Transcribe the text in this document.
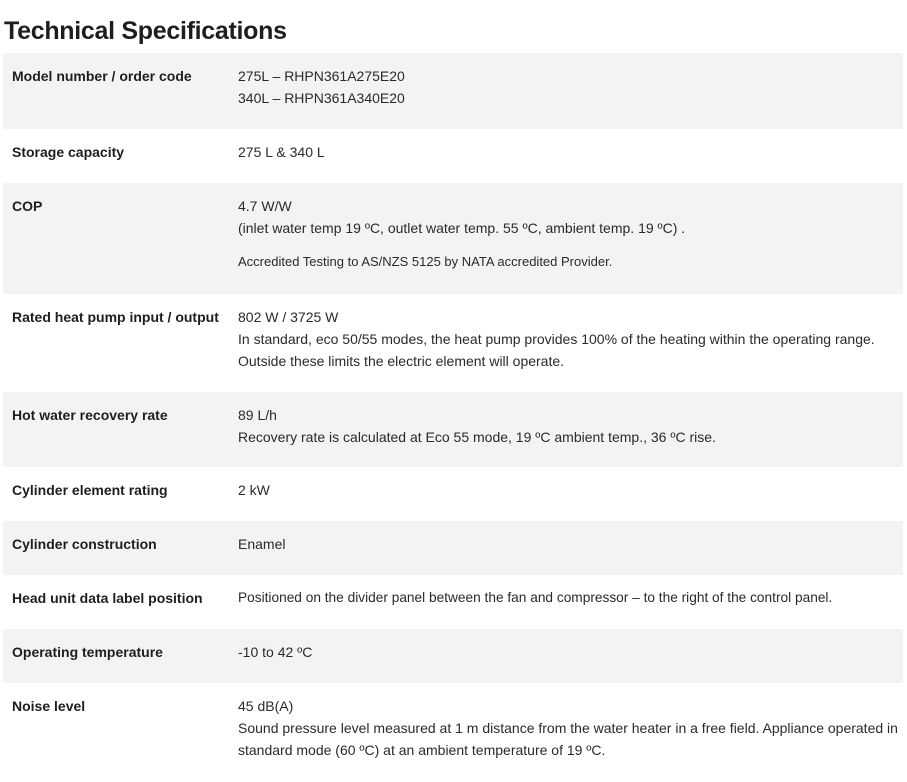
Technical Specifications
Model number / order code	275L – RHPN361A275E20
340L – RHPN361A340E20
Storage capacity	275 L & 340 L
COP	4.7 W/W
(inlet water temp 19 ºC, outlet water temp. 55 ºC, ambient temp. 19 ºC) .
Accredited Testing to AS/NZS 5125 by NATA accredited Provider.
Rated heat pump input / output	802 W / 3725 W
In standard, eco 50/55 modes, the heat pump provides 100% of the heating within the operating range. Outside these limits the electric element will operate.
Hot water recovery rate	89 L/h
Recovery rate is calculated at Eco 55 mode, 19 ºC ambient temp., 36 ºC rise.
Cylinder element rating	2 kW
Cylinder construction	Enamel
Head unit data label position	Positioned on the divider panel between the fan and compressor – to the right of the control panel.
Operating temperature	-10 to 42 ºC
Noise level	45 dB(A)
Sound pressure level measured at 1 m distance from the water heater in a free field. Appliance operated in standard mode (60 ºC) at an ambient temperature of 19 ºC.
